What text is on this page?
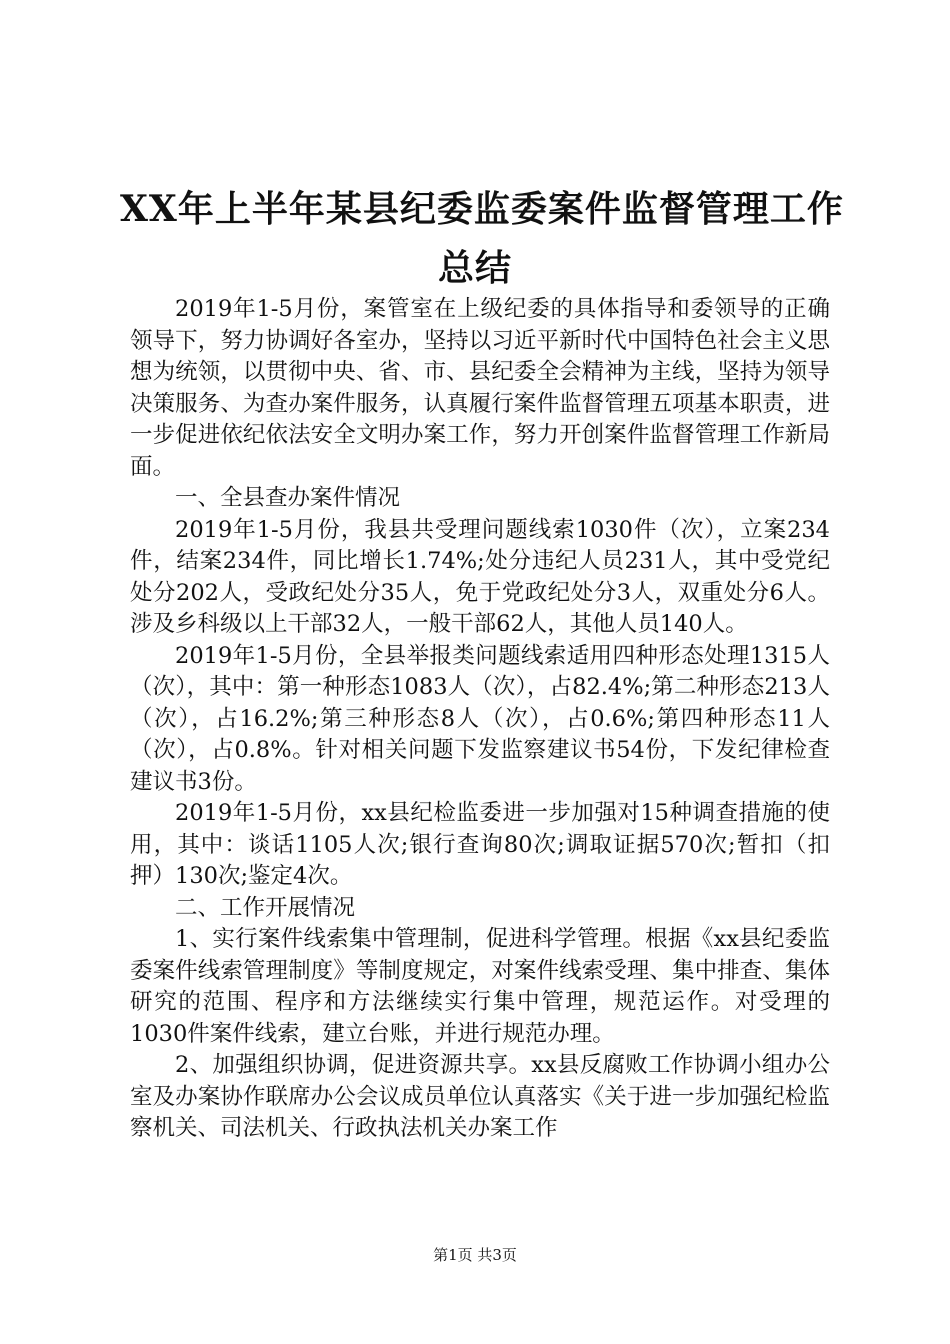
XX年上半年某县纪委监委案件监督管理工作
总结

2019年1-5月份，案管室在上级纪委的具体指导和委领导的正确领导下，努力协调好各室办，坚持以习近平新时代中国特色社会主义思想为统领，以贯彻中央、省、市、县纪委全会精神为主线，坚持为领导决策服务、为查办案件服务，认真履行案件监督管理五项基本职责，进一步促进依纪依法安全文明办案工作，努力开创案件监督管理工作新局面。

一、全县查办案件情况

2019年1-5月份，我县共受理问题线索1030件（次），立案234件，结案234件，同比增长1.74%;处分违纪人员231人，其中受党纪处分202人，受政纪处分35人，免于党政纪处分3人，双重处分6人。涉及乡科级以上干部32人，一般干部62人，其他人员140人。

2019年1-5月份，全县举报类问题线索适用四种形态处理1315人（次），其中：第一种形态1083人（次），占82.4%;第二种形态213人（次），占16.2%;第三种形态8人（次），占0.6%;第四种形态11人（次），占0.8%。针对相关问题下发监察建议书54份，下发纪律检查建议书3份。

2019年1-5月份，xx县纪检监委进一步加强对15种调查措施的使用，其中：谈话1105人次;银行查询80次;调取证据570次;暂扣（扣押）130次;鉴定4次。

二、工作开展情况

1、实行案件线索集中管理制，促进科学管理。根据《xx县纪委监委案件线索管理制度》等制度规定，对案件线索受理、集中排查、集体研究的范围、程序和方法继续实行集中管理，规范运作。对受理的1030件案件线索，建立台账，并进行规范办理。

2、加强组织协调，促进资源共享。xx县反腐败工作协调小组办公室及办案协作联席办公会议成员单位认真落实《关于进一步加强纪检监察机关、司法机关、行政执法机关办案工作

第1页 共3页
